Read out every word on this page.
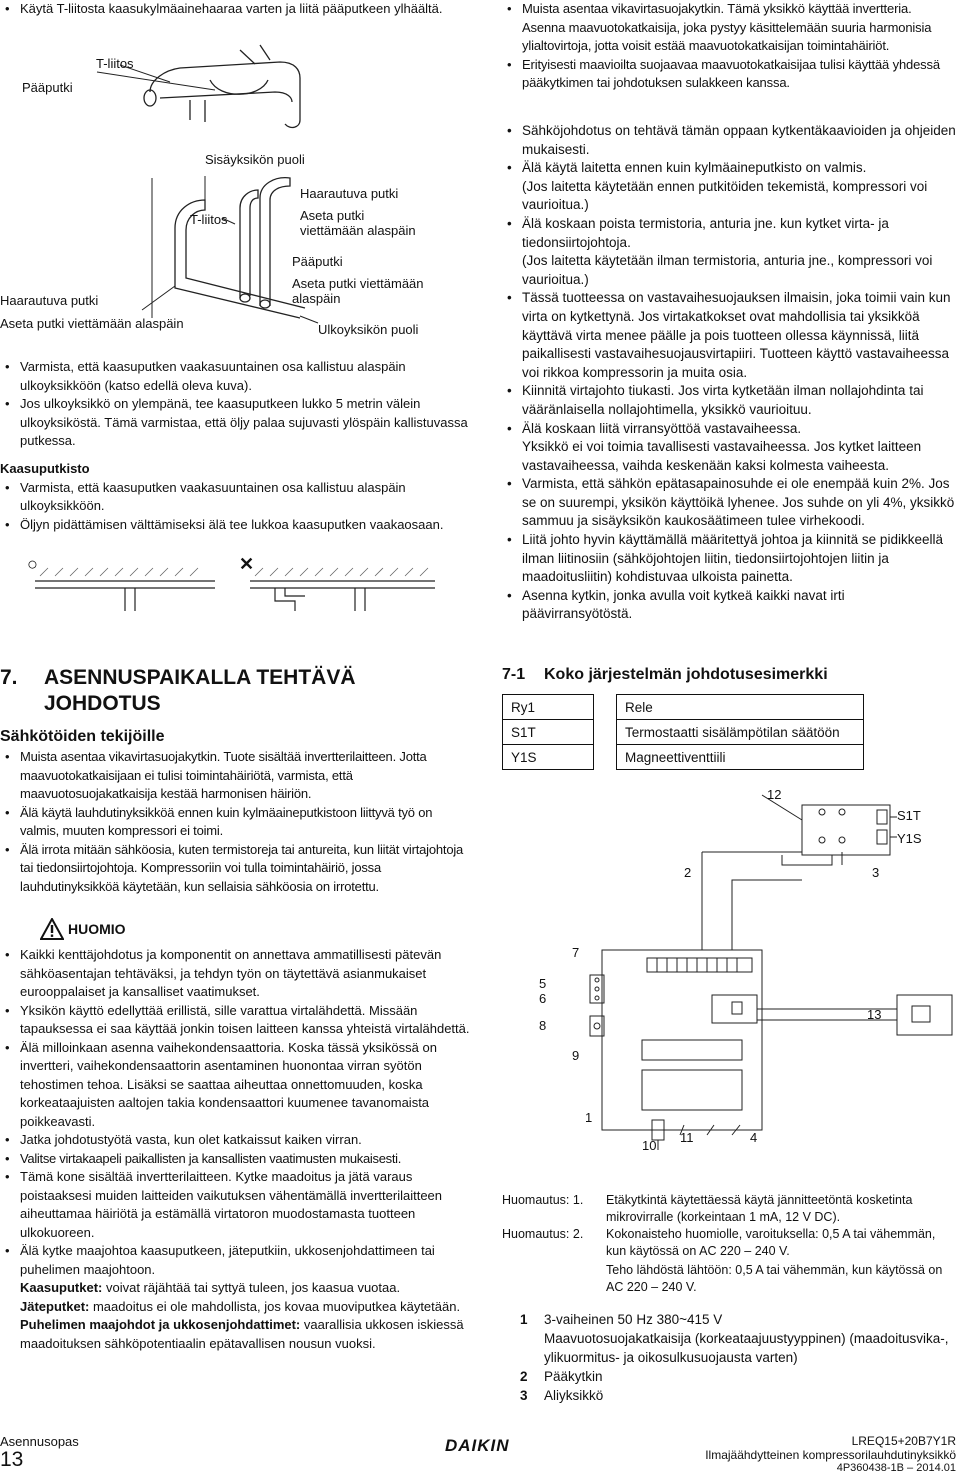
• Käytä T-liitosta kaasukylmäainehaaraa varten ja liitä pääputkeen ylhäältä.
Pääputki
T-liitos
Sisäyksikön puoli
T-liitos
Haarautuva putki
Aseta putki viettämään alaspäin
Pääputki
Aseta putki viettämään alaspäin
Ulkoyksikön puoli
Haarautuva putki
Aseta putki viettämään alaspäin
• Varmista, että kaasuputken vaakasuuntainen osa kallistuu alaspäin ulkoyksikköön (katso edellä oleva kuva).
• Jos ulkoyksikkö on ylempänä, tee kaasuputkeen lukko 5 metrin välein ulkoyksiköstä. Tämä varmistaa, että öljy palaa sujuvasti ylöspäin kallistuvassa putkessa.
Kaasuputkisto
• Varmista, että kaasuputken vaakasuuntainen osa kallistuu alaspäin ulkoyksikköön.
• Öljyn pidättämisen välttämiseksi älä tee lukkoa kaasuputken vaakaosaan.
○	✕
7. ASENNUSPAIKALLA TEHTÄVÄ
JOHDOTUS
Sähkötöiden tekijöille
• Muista asentaa vikavirtasuojakytkin. Tuote sisältää invertterilaitteen. Jotta maavuotokatkaisijaan ei tulisi toimintahäiriötä, varmista, että maavuotosuojakatkaisija kestää harmonisen häiriön.
• Älä käytä lauhdutinyksikköä ennen kuin kylmäaineputkistoon liittyvä työ on valmis, muuten kompressori ei toimi.
• Älä irrota mitään sähköosia, kuten termistoreja tai antureita, kun liität virtajohtoja tai tiedonsiirtojohtoja. Kompressoriin voi tulla toimintahäiriö, jossa lauhdutinyksikköä käytetään, kun sellaisia sähköosia on irrotettu.
HUOMIO
• Kaikki kenttäjohdotus ja komponentit on annettava ammatillisesti pätevän sähköasentajan tehtäväksi, ja tehdyn työn on täytettävä asianmukaiset eurooppalaiset ja kansalliset vaatimukset.
• Yksikön käyttö edellyttää erillistä, sille varattua virtalähdettä. Missään tapauksessa ei saa käyttää jonkin toisen laitteen kanssa yhteistä virtalähdettä.
• Älä milloinkaan asenna vaihekondensaattoria. Koska tässä yksikössä on invertteri, vaihekondensaattorin asentaminen huonontaa virran syötön tehostimen tehoa. Lisäksi se saattaa aiheuttaa onnettomuuden, koska korkeataajuisten aaltojen takia kondensaattori kuumenee tavanomaista poikkeavasti.
• Jatka johdotustyötä vasta, kun olet katkaissut kaiken virran.
• Valitse virtakaapeli paikallisten ja kansallisten vaatimusten mukaisesti.
• Tämä kone sisältää invertterilaitteen. Kytke maadoitus ja jätä varaus poistaaksesi muiden laitteiden vaikutuksen vähentämällä invertterilaitteen aiheuttamaa häiriötä ja estämällä virtatoron muodostamasta tuotteen ulkokuoreen.
• Älä kytke maajohtoa kaasuputkeen, jäteputkiin, ukkosenjohdattimeen tai puhelimen maajohtoon.
Kaasuputket: voivat räjähtää tai syttyä tuleen, jos kaasua vuotaa.
Jäteputket: maadoitus ei ole mahdollista, jos kovaa muoviputkea käytetään.
Puhelimen maajohdot ja ukkosenjohdattimet: vaarallisia ukkosen iskiessä maadoituksen sähköpotentiaalin epätavallisen nousun vuoksi.
• Muista asentaa vikavirtasuojakytkin. Tämä yksikkö käyttää invertteria. Asenna maavuotokatkaisija, joka pystyy käsittelemään suuria harmonisia ylialtovirtoja, jotta voisit estää maavuotokatkaisijan toimintahäiriöt.
• Erityisesti maavioilta suojaavaa maavuotokatkaisijaa tulisi käyttää yhdessä pääkytkimen tai johdotuksen sulakkeen kanssa.
• Sähköjohdotus on tehtävä tämän oppaan kytkentäkaavioiden ja ohjeiden mukaisesti.
• Älä käytä laitetta ennen kuin kylmäaineputkisto on valmis.
(Jos laitetta käytetään ennen putkitöiden tekemistä, kompressori voi vaurioitua.)
• Älä koskaan poista termistoria, anturia jne. kun kytket virta- ja tiedonsiirtojohtoja.
(Jos laitetta käytetään ilman termistoria, anturia jne., kompressori voi vaurioitua.)
• Tässä tuotteessa on vastavaihesuojauksen ilmaisin, joka toimii vain kun virta on kytkettynä. Jos virtakatkokset ovat mahdollisia tai yksikköä käyttävä virta menee päälle ja pois tuotteen ollessa käynnissä, liitä paikallisesti vastavaihesuojausvirtapiiri. Tuotteen käyttö vastavaiheessa voi rikkoa kompressorin ja muita osia.
• Kiinnitä virtajohto tiukasti. Jos virta kytketään ilman nollajohdinta tai vääränlaisella nollajohtimella, yksikkö vaurioituu.
• Älä koskaan liitä virransyöttöä vastavaiheessa.
Yksikkö ei voi toimia tavallisesti vastavaiheessa. Jos kytket laitteen vastavaiheessa, vaihda keskenään kaksi kolmesta vaiheesta.
• Varmista, että sähkön epätasapainosuhde ei ole enempää kuin 2%. Jos se on suurempi, yksikön käyttöikä lyhenee. Jos suhde on yli 4%, yksikkö sammuu ja sisäyksikön kaukosäätimeen tulee virhekoodi.
• Liitä johto hyvin käyttämällä määritettyä johtoa ja kiinnitä se pidikkeellä ilman liitinosiin (sähköjohtojen liitin, tiedonsiirtojohtojen liitin ja maadoitusliitin) kohdistuvaa ulkoista painetta.
• Asenna kytkin, jonka avulla voit kytkeä kaikki navat irti päävirransyötöstä.
7-1 Koko järjestelmän johdotusesimerkki
Ry1		Rele
S1T		Termostaatti sisälämpötilan säätöön
Y1S		Magneettiventtiili
12
S1T
Y1S
2	3
7
5
6
8
9
13
1
10
11	4
Huomautus: 1. Etäkytkintä käytettäessä käytä jännitteetöntä kosketinta mikrovirralle (korkeintaan 1 mA, 12 V DC).
Huomautus: 2. Kokonaisteho huomiolle, varoituksella: 0,5 A tai vähemmän, kun käytössä on AC 220 – 240 V.
Teho lähdöstä lähtöön: 0,5 A tai vähemmän, kun käytössä on AC 220 – 240 V.
1 3-vaiheinen 50 Hz 380~415 V
Maavuotosuojakatkaisija (korkeataajuustyyppinen) (maadoitusvika-, ylikuormitus- ja oikosulkusuojausta varten)
2 Pääkytkin
3 Aliyksikkö
Asennusopas
13
DAIKIN	LREQ15+20B7Y1R
Ilmajäähdytteinen kompressorilauhdutinyksikkö
4P360438-1B – 2014.01
